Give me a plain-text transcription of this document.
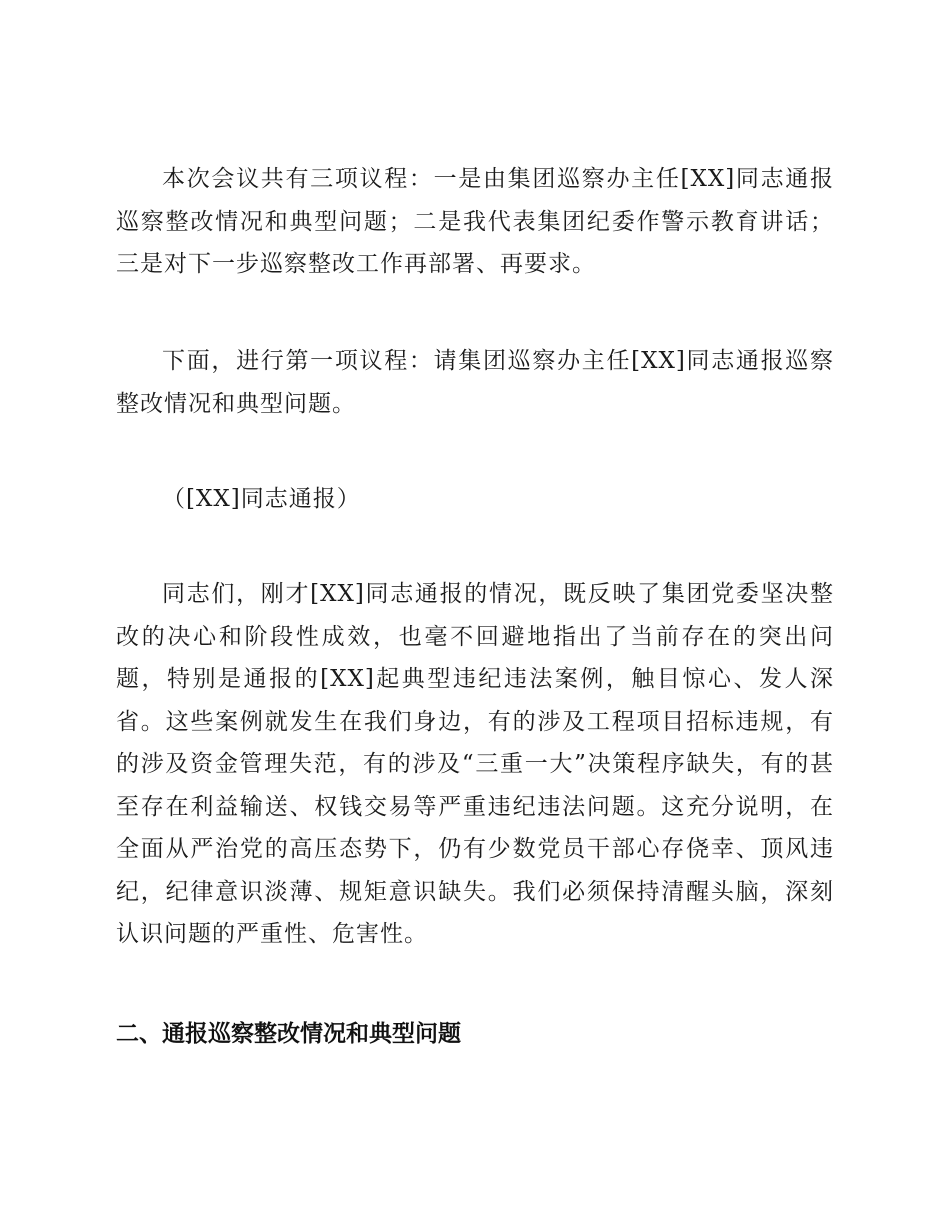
本次会议共有三项议程：一是由集团巡察办主任[XX]同志通报巡察整改情况和典型问题；二是我代表集团纪委作警示教育讲话；三是对下一步巡察整改工作再部署、再要求。

下面，进行第一项议程：请集团巡察办主任[XX]同志通报巡察整改情况和典型问题。

（[XX]同志通报）

同志们，刚才[XX]同志通报的情况，既反映了集团党委坚决整改的决心和阶段性成效，也毫不回避地指出了当前存在的突出问题，特别是通报的[XX]起典型违纪违法案例，触目惊心、发人深省。这些案例就发生在我们身边，有的涉及工程项目招标违规，有的涉及资金管理失范，有的涉及“三重一大”决策程序缺失，有的甚至存在利益输送、权钱交易等严重违纪违法问题。这充分说明，在全面从严治党的高压态势下，仍有少数党员干部心存侥幸、顶风违纪，纪律意识淡薄、规矩意识缺失。我们必须保持清醒头脑，深刻认识问题的严重性、危害性。

二、通报巡察整改情况和典型问题
